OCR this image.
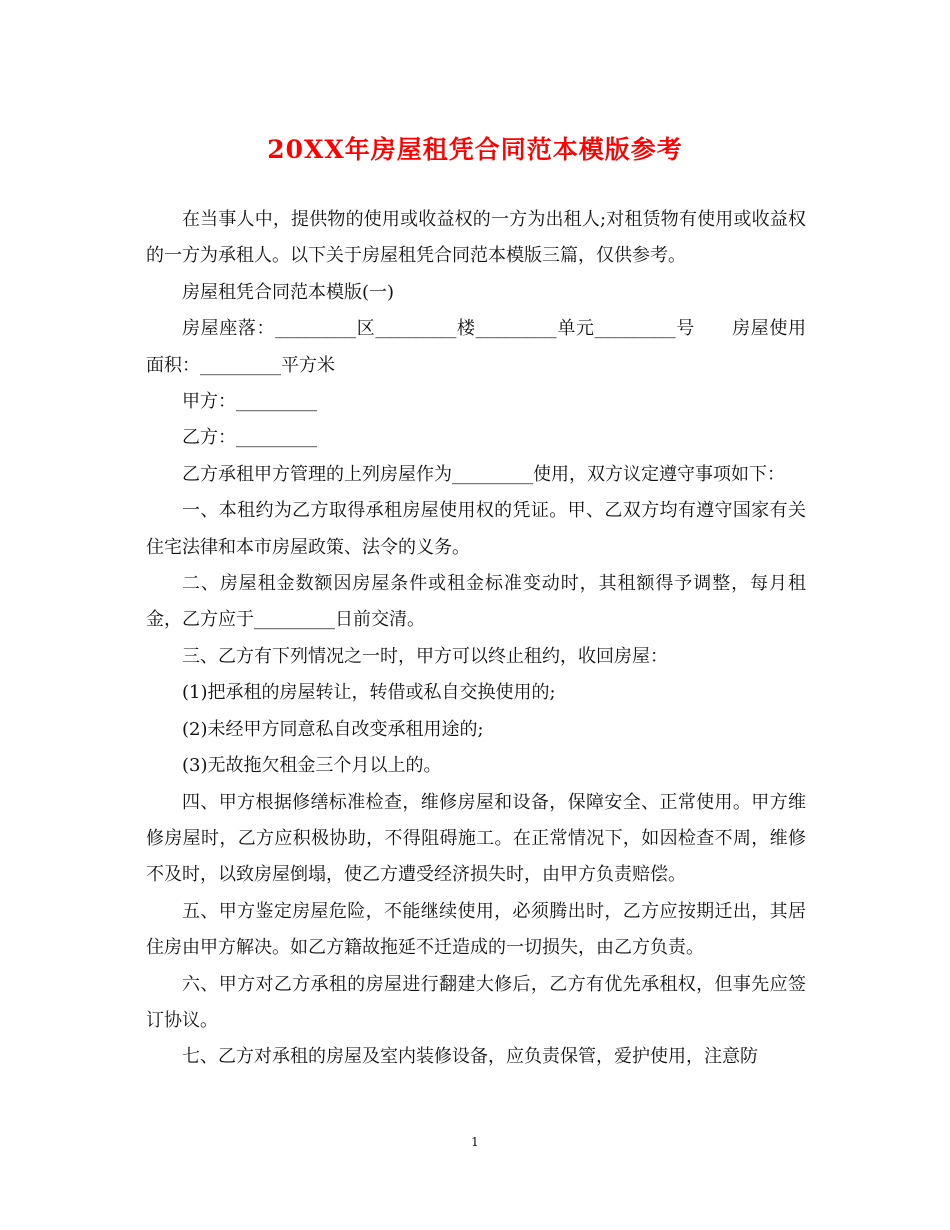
20XX年房屋租凭合同范本模版参考

在当事人中，提供物的使用或收益权的一方为出租人;对租赁物有使用或收益权的一方为承租人。以下关于房屋租凭合同范本模版三篇，仅供参考。

房屋租凭合同范本模版(一)

房屋座落：_________区_________楼_________单元_________号　　房屋使用面积：_________平方米

甲方：_________

乙方：_________

乙方承租甲方管理的上列房屋作为_________使用，双方议定遵守事项如下：

一、本租约为乙方取得承租房屋使用权的凭证。甲、乙双方均有遵守国家有关住宅法律和本市房屋政策、法令的义务。

二、房屋租金数额因房屋条件或租金标准变动时，其租额得予调整，每月租金，乙方应于_________日前交清。

三、乙方有下列情况之一时，甲方可以终止租约，收回房屋：

(1)把承租的房屋转让，转借或私自交换使用的;

(2)未经甲方同意私自改变承租用途的;

(3)无故拖欠租金三个月以上的。

四、甲方根据修缮标准检查，维修房屋和设备，保障安全、正常使用。甲方维修房屋时，乙方应积极协助，不得阻碍施工。在正常情况下，如因检查不周，维修不及时，以致房屋倒塌，使乙方遭受经济损失时，由甲方负责赔偿。

五、甲方鉴定房屋危险，不能继续使用，必须腾出时，乙方应按期迁出，其居住房由甲方解决。如乙方籍故拖延不迁造成的一切损失，由乙方负责。

六、甲方对乙方承租的房屋进行翻建大修后，乙方有优先承租权，但事先应签订协议。

七、乙方对承租的房屋及室内装修设备，应负责保管，爱护使用，注意防

1
